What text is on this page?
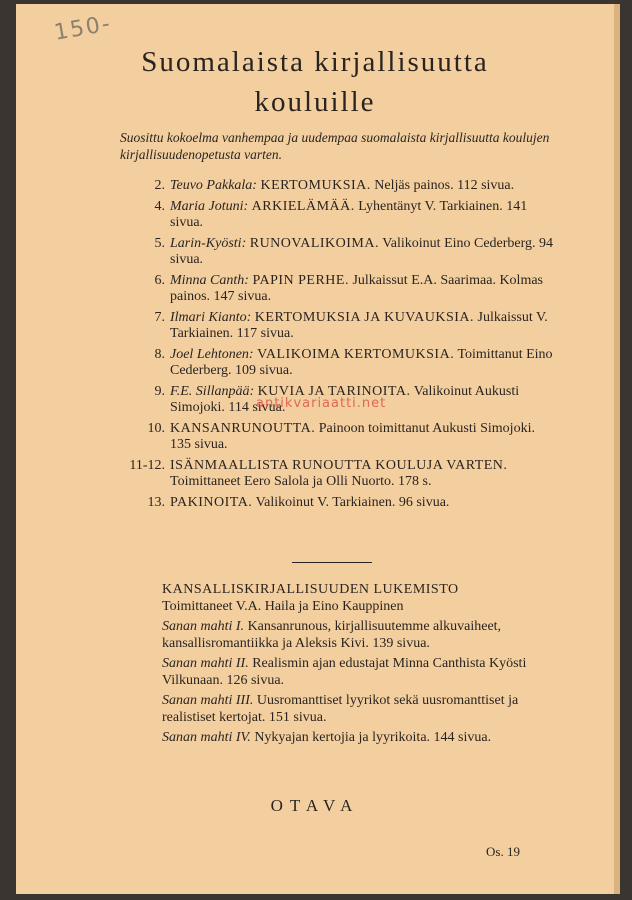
150-
Suomalaista kirjallisuutta
kouluille
Suosittu kokoelma vanhempaa ja uudempaa suomalaista kirjallisuutta koulujen kirjallisuudenopetusta varten.
2. Teuvo Pakkala: KERTOMUKSIA. Neljäs painos. 112 sivua.
4. Maria Jotuni: ARKIELÄMÄÄ. Lyhentänyt V. Tarkiainen. 141 sivua.
5. Larin-Kyösti: RUNOVALIKOIMA. Valikoinut Eino Cederberg. 94 sivua.
6. Minna Canth: PAPIN PERHE. Julkaissut E.A. Saarimaa. Kolmas painos. 147 sivua.
7. Ilmari Kianto: KERTOMUKSIA JA KUVAUKSIA. Julkaissut V. Tarkiainen. 117 sivua.
8. Joel Lehtonen: VALIKOIMA KERTOMUKSIA. Toimittanut Eino Cederberg. 109 sivua.
9. F.E. Sillanpää: KUVIA JA TARINOITA. Valikoinut Aukusti Simojoki. 114 sivua.
10. KANSANRUNOUTTA. Painoon toimittanut Aukusti Simojoki. 135 sivua.
11-12. ISÄNMAALLISTA RUNOUTTA KOULUJA VARTEN. Toimittaneet Eero Salola ja Olli Nuorto. 178 s.
13. PAKINOITA. Valikoinut V. Tarkiainen. 96 sivua.
KANSALLISKIRJALLISUUDEN LUKEMISTO
Toimittaneet V.A. Haila ja Eino Kauppinen
Sanan mahti I. Kansanrunous, kirjallisuutemme alkuvaiheet, kansallisromantiikka ja Aleksis Kivi. 139 sivua.
Sanan mahti II. Realismin ajan edustajat Minna Canthista Kyösti Vilkunaan. 126 sivua.
Sanan mahti III. Uusromanttiset lyyrikot sekä uusromanttiset ja realistiset kertojat. 151 sivua.
Sanan mahti IV. Nykyajan kertojia ja lyyrikoita. 144 sivua.
OTAVA
Os. 19
antikvariaatti.net
